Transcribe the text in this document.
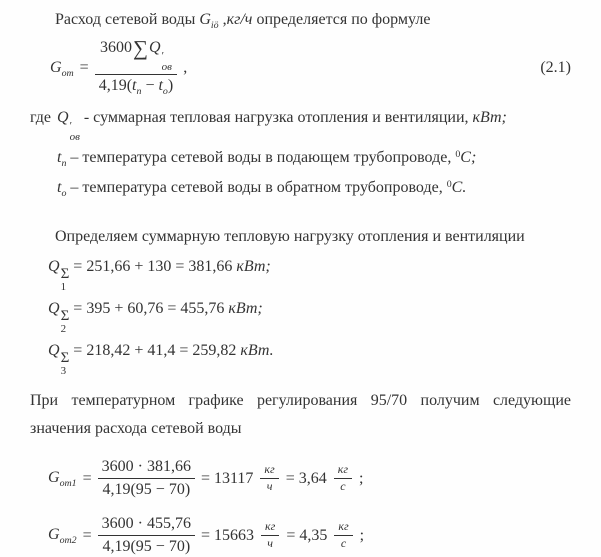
Расход сетевой воды $G_{iö}$ ,кг/ч определяется по формуле

$G_{от} = 3600\sum Q$ ′
ов
$4,19(t_п - t_о)$ ,	(2.1)

где Q ′
ов
- суммарная тепловая нагрузка отопления и вентиляции, кВт;

$t_п$ – температура сетевой воды в подающем трубопроводе, $^0$С;

$t_о$ – температура сетевой воды в обратном трубопроводе, $^0$С.

Определяем суммарную тепловую нагрузку отопления и вентиляции

Q Σ
1
= 251,66 + 130 = 381,66 кВт;
Q Σ
2
= 395 + 60,76 = 455,76 кВт;
Q Σ
3
= 218,42 + 41,4 = 259,82 кВт.

При температурном графике регулирования 95/70 получим следующие

значения расхода сетевой воды

$G_{от1} = \frac{3600 \cdot 381,66}{4,19(95 - 70)} = 13117 \frac{кг}{ч} = 3,64 \frac{кг}{с}$ ;
$G_{от2} = \frac{3600 \cdot 455,76}{4,19(95 - 70)} = 15663 \frac{кг}{ч} = 4,35 \frac{кг}{с}$ ;
